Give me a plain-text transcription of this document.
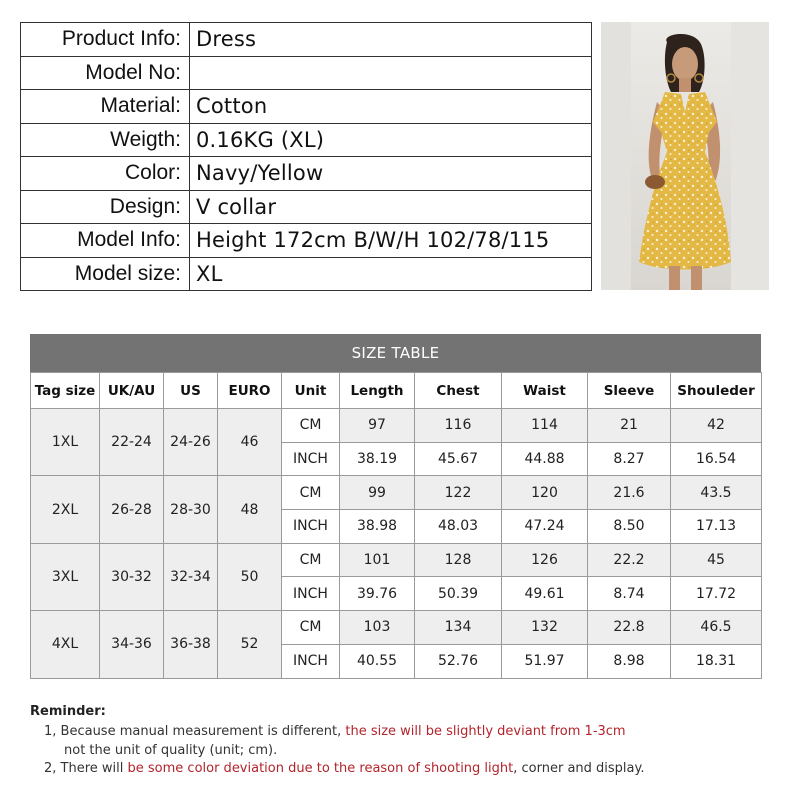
Product Info:	Dress
Model No:	
Material:	Cotton
Weigth:	0.16KG (XL)
Color:	Navy/Yellow
Design:	V collar
Model Info:	Height 172cm B/W/H 102/78/115
Model size:	XL
SIZE TABLE
Tag size	UK/AU	US	EURO	Unit	Length	Chest	Waist	Sleeve	Shouleder
1XL	22-24	24-26	46	CM	97	116	114	21	42
				INCH	38.19	45.67	44.88	8.27	16.54
2XL	26-28	28-30	48	CM	99	122	120	21.6	43.5
				INCH	38.98	48.03	47.24	8.50	17.13
3XL	30-32	32-34	50	CM	101	128	126	22.2	45
				INCH	39.76	50.39	49.61	8.74	17.72
4XL	34-36	36-38	52	CM	103	134	132	22.8	46.5
				INCH	40.55	52.76	51.97	8.98	18.31
Reminder:
1, Because manual measurement is different, the size will be slightly deviant from 1-3cm
not the unit of quality (unit; cm).
2, There will be some color deviation due to the reason of shooting light, corner and display.
